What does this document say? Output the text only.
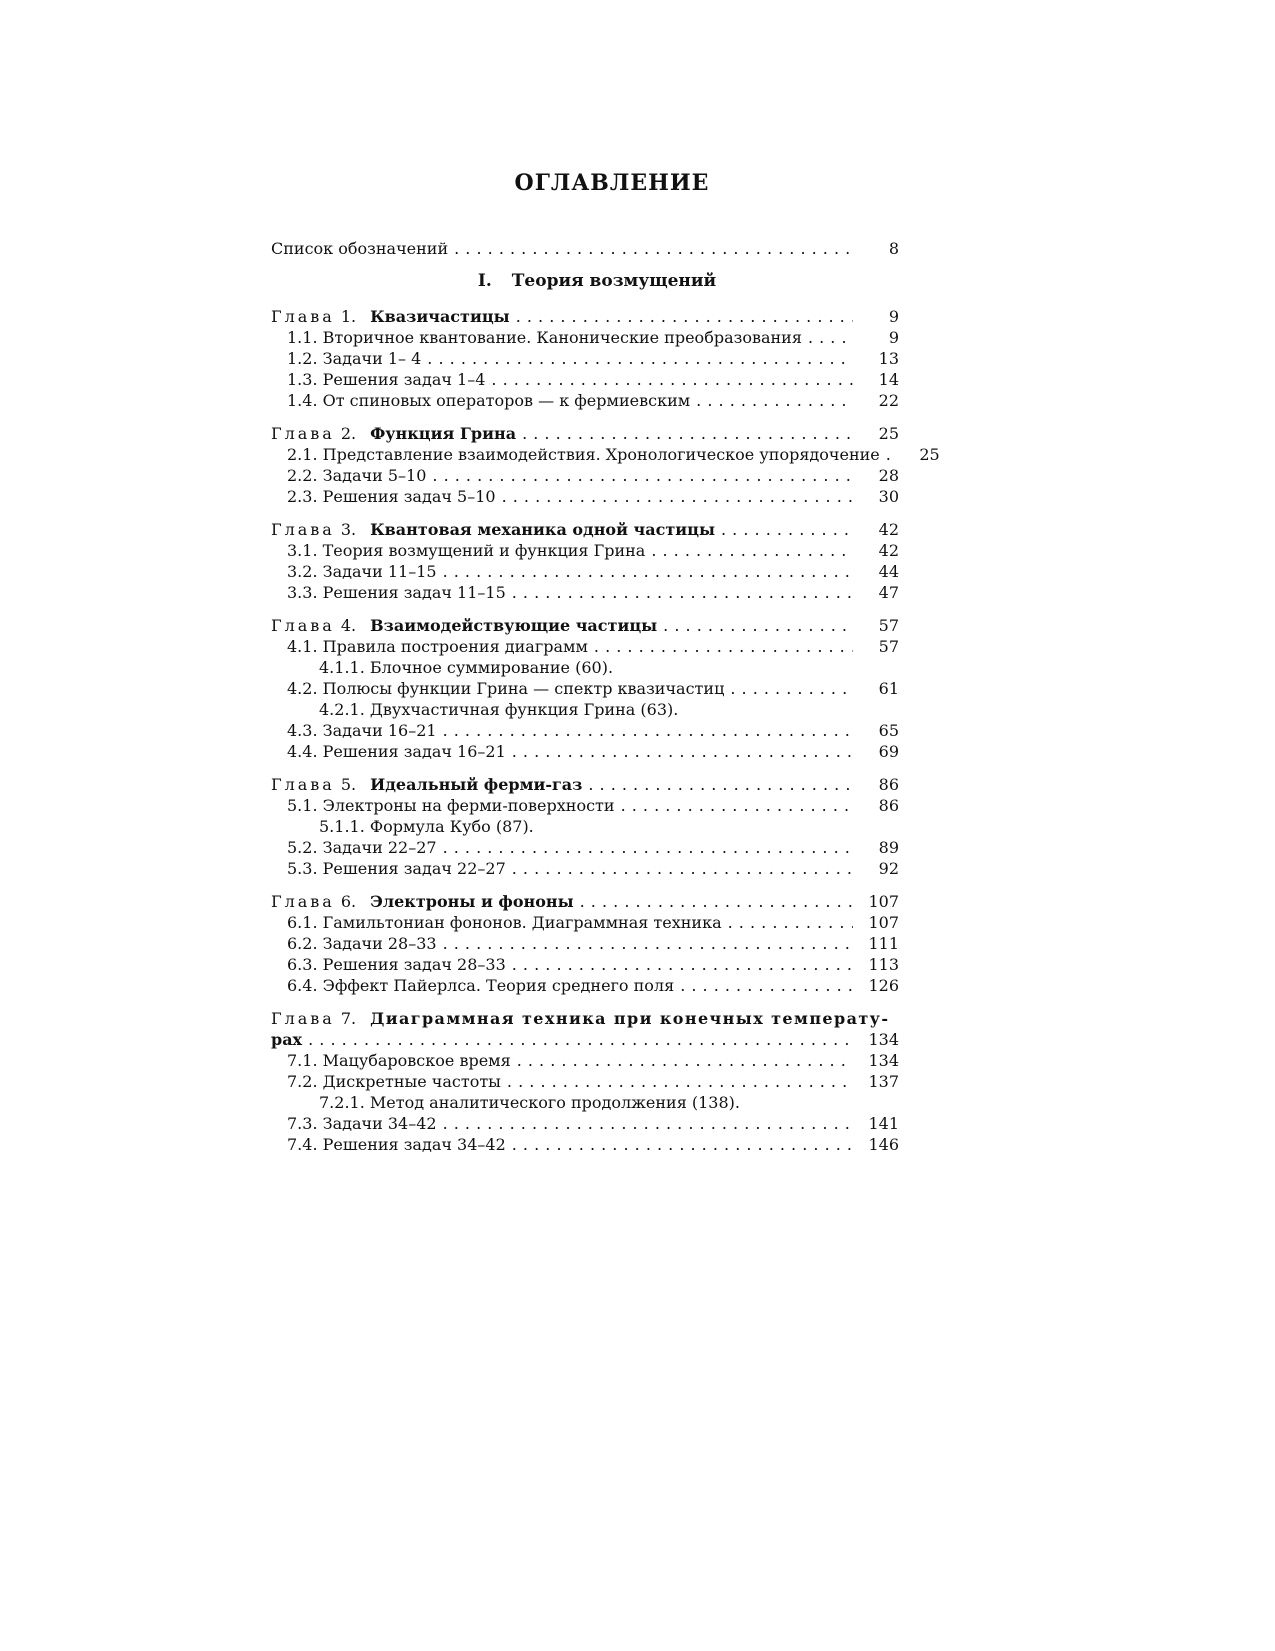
ОГЛАВЛЕНИЕ
Список обозначений . . .	8
I. Теория возмущений
Глава 1. Квазичастицы . . .	9
1.1. Вторичное квантование. Канонические преобразования . . .	9
1.2. Задачи 1– 4 . . .	13
1.3. Решения задач 1–4 . . .	14
1.4. От спиновых операторов — к фермиевским . . .	22
Глава 2. Функция Грина . . .	25
2.1. Представление взаимодействия. Хронологическое упорядочение . . .	25
2.2. Задачи 5–10 . . .	28
2.3. Решения задач 5–10 . . .	30
Глава 3. Квантовая механика одной частицы . . .	42
3.1. Теория возмущений и функция Грина . . .	42
3.2. Задачи 11–15 . . .	44
3.3. Решения задач 11–15 . . .	47
Глава 4. Взаимодействующие частицы . . .	57
4.1. Правила построения диаграмм . . .	57
4.1.1. Блочное суммирование (60).
4.2. Полюсы функции Грина — спектр квазичастиц . . .	61
4.2.1. Двухчастичная функция Грина (63).
4.3. Задачи 16–21 . . .	65
4.4. Решения задач 16–21 . . .	69
Глава 5. Идеальный ферми-газ . . .	86
5.1. Электроны на ферми-поверхности . . .	86
5.1.1. Формула Кубо (87).
5.2. Задачи 22–27 . . .	89
5.3. Решения задач 22–27 . . .	92
Глава 6. Электроны и фононы . . .	107
6.1. Гамильтониан фононов. Диаграммная техника . . .	107
6.2. Задачи 28–33 . . .	111
6.3. Решения задач 28–33 . . .	113
6.4. Эффект Пайерлса. Теория среднего поля . . .	126
Глава 7. Диаграммная техника при конечных температу-
рах . . .	134
7.1. Мацубаровское время . . .	134
7.2. Дискретные частоты . . .	137
7.2.1. Метод аналитического продолжения (138).
7.3. Задачи 34–42 . . .	141
7.4. Решения задач 34–42 . . .	146
